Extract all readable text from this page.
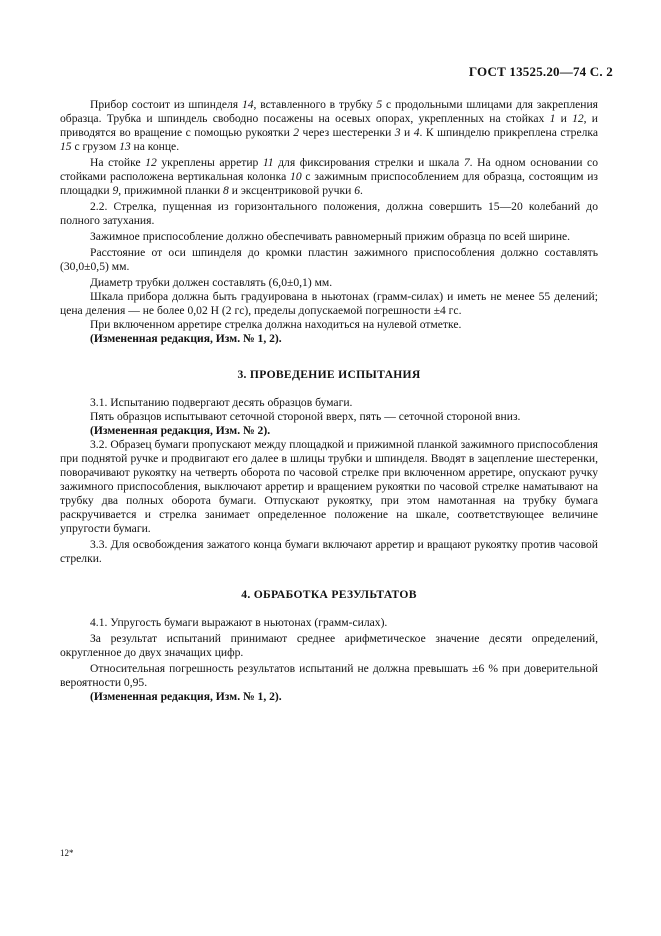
ГОСТ 13525.20—74 С. 2

Прибор состоит из шпинделя 14, вставленного в трубку 5 с продольными шлицами для закрепления образца. Трубка и шпиндель свободно посажены на осевых опорах, укрепленных на стойках 1 и 12, и приводятся во вращение с помощью рукоятки 2 через шестеренки 3 и 4. К шпинделю прикреплена стрелка 15 с грузом 13 на конце.

На стойке 12 укреплены арретир 11 для фиксирования стрелки и шкала 7. На одном основании со стойками расположена вертикальная колонка 10 с зажимным приспособлением для образца, состоящим из площадки 9, прижимной планки 8 и эксцентриковой ручки 6.

2.2. Стрелка, пущенная из горизонтального положения, должна совершить 15—20 колебаний до полного затухания.

Зажимное приспособление должно обеспечивать равномерный прижим образца по всей ширине.

Расстояние от оси шпинделя до кромки пластин зажимного приспособления должно составлять (30,0±0,5) мм.

Диаметр трубки должен составлять (6,0±0,1) мм.

Шкала прибора должна быть градуирована в ньютонах (грамм-силах) и иметь не менее 55 делений; цена деления — не более 0,02 Н (2 гс), пределы допускаемой погрешности ±4 гс.

При включенном арретире стрелка должна находиться на нулевой отметке.

(Измененная редакция, Изм. № 1, 2).

3. ПРОВЕДЕНИЕ ИСПЫТАНИЯ

3.1. Испытанию подвергают десять образцов бумаги.

Пять образцов испытывают сеточной стороной вверх, пять — сеточной стороной вниз.

(Измененная редакция, Изм. № 2).

3.2. Образец бумаги пропускают между площадкой и прижимной планкой зажимного приспособления при поднятой ручке и продвигают его далее в шлицы трубки и шпинделя. Вводят в зацепление шестеренки, поворачивают рукоятку на четверть оборота по часовой стрелке при включенном арретире, опускают ручку зажимного приспособления, выключают арретир и вращением рукоятки по часовой стрелке наматывают на трубку два полных оборота бумаги. Отпускают рукоятку, при этом намотанная на трубку бумага раскручивается и стрелка занимает определенное положение на шкале, соответствующее величине упругости бумаги.

3.3. Для освобождения зажатого конца бумаги включают арретир и вращают рукоятку против часовой стрелки.

4. ОБРАБОТКА РЕЗУЛЬТАТОВ

4.1. Упругость бумаги выражают в ньютонах (грамм-силах).

За результат испытаний принимают среднее арифметическое значение десяти определений, округленное до двух значащих цифр.

Относительная погрешность результатов испытаний не должна превышать ±6 % при доверительной вероятности 0,95.

(Измененная редакция, Изм. № 1, 2).

12*
